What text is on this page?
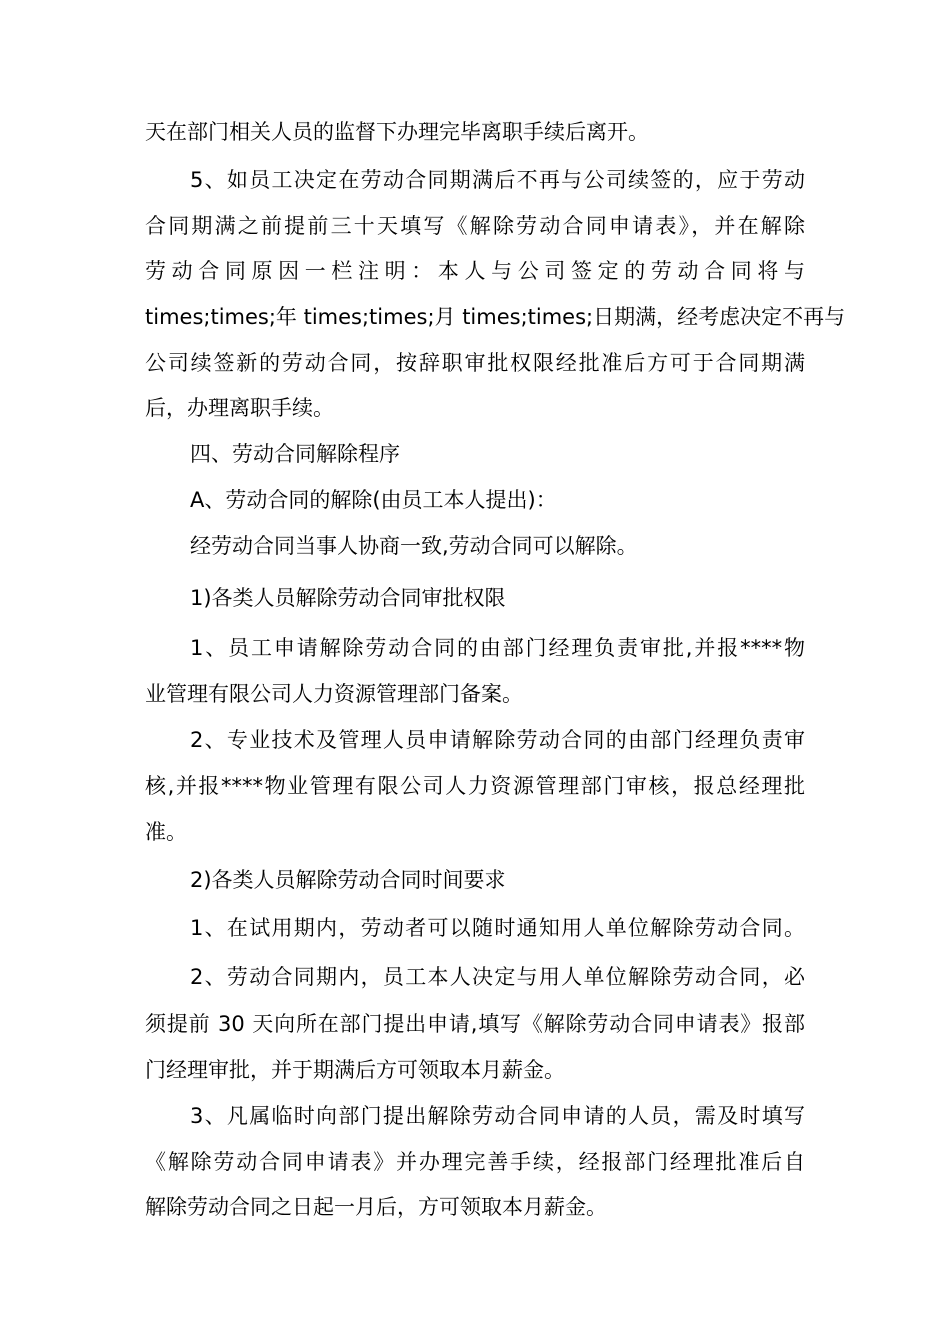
天在部门相关人员的监督下办理完毕离职手续后离开。
5、如员工决定在劳动合同期满后不再与公司续签的，应于劳动
合同期满之前提前三十天填写《解除劳动合同申请表》，并在解除
劳动合同原因一栏注明：本人与公司签定的劳动合同将与
times;times;年 times;times;月 times;times;日期满，经考虑决定不再与
公司续签新的劳动合同，按辞职审批权限经批准后方可于合同期满
后，办理离职手续。
四、劳动合同解除程序
A、劳动合同的解除(由员工本人提出)：
经劳动合同当事人协商一致,劳动合同可以解除。
1)各类人员解除劳动合同审批权限
1、员工申请解除劳动合同的由部门经理负责审批,并报****物
业管理有限公司人力资源管理部门备案。
2、专业技术及管理人员申请解除劳动合同的由部门经理负责审
核,并报****物业管理有限公司人力资源管理部门审核，报总经理批
准。
2)各类人员解除劳动合同时间要求
1、在试用期内，劳动者可以随时通知用人单位解除劳动合同。
2、劳动合同期内，员工本人决定与用人单位解除劳动合同，必
须提前 30 天向所在部门提出申请,填写《解除劳动合同申请表》报部
门经理审批，并于期满后方可领取本月薪金。
3、凡属临时向部门提出解除劳动合同申请的人员，需及时填写
《解除劳动合同申请表》并办理完善手续，经报部门经理批准后自
解除劳动合同之日起一月后，方可领取本月薪金。
